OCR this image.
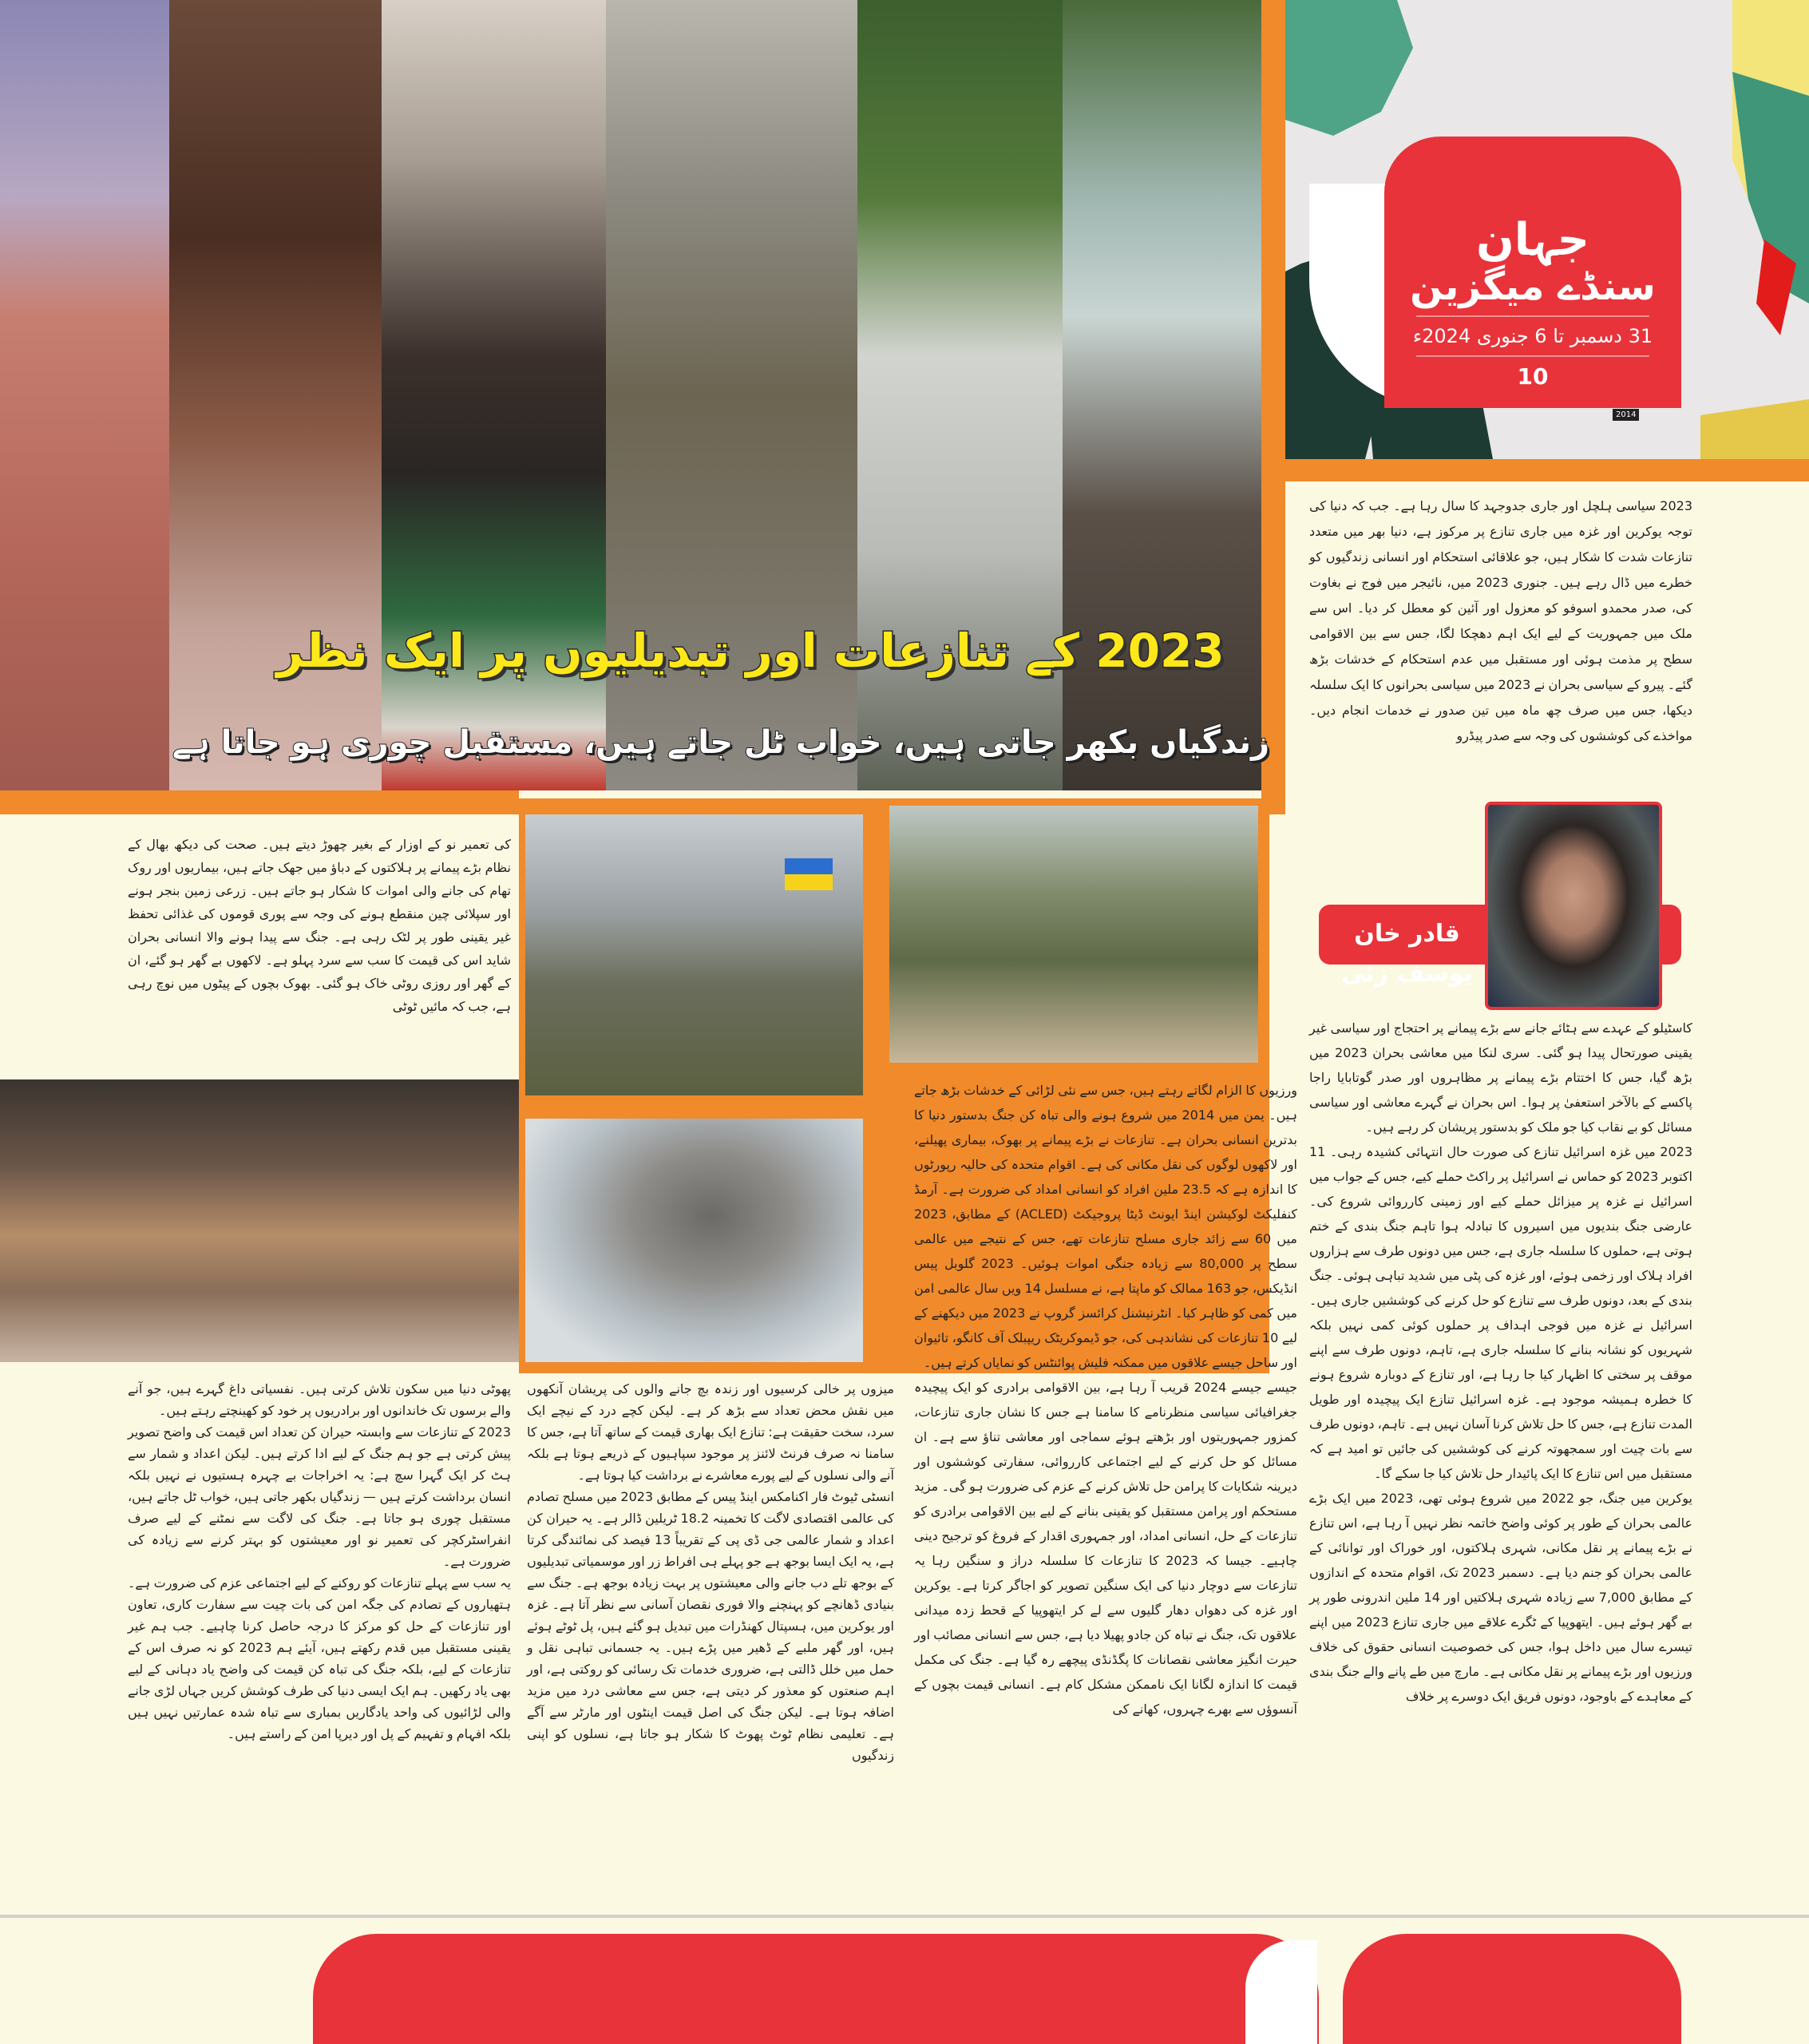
2023 کے تنازعات اور تبدیلیوں پر ایک نظر
زندگیاں بکھر جاتی ہیں، خواب ٹل جاتے ہیں، مستقبل چوری ہو جاتا ہے
2014
جہان
سنڈے میگزین
31 دسمبر تا 6 جنوری 2024ء
10
قادر خان یوسف زئی

2023 سیاسی ہلچل اور جاری جدوجہد کا سال رہا ہے۔ جب کہ دنیا کی توجہ یوکرین اور غزہ میں جاری تنازع پر مرکوز ہے، دنیا بھر میں متعدد تنازعات شدت کا شکار ہیں، جو علاقائی استحکام اور انسانی زندگیوں کو خطرے میں ڈال رہے ہیں۔ جنوری 2023 میں، نائیجر میں فوج نے بغاوت کی، صدر محمدو اسوفو کو معزول اور آئین کو معطل کر دیا۔ اس سے ملک میں جمہوریت کے لیے ایک اہم دھچکا لگا، جس سے بین الاقوامی سطح پر مذمت ہوئی اور مستقبل میں عدم استحکام کے خدشات بڑھ گئے۔ پیرو کے سیاسی بحران نے 2023 میں سیاسی بحرانوں کا ایک سلسلہ دیکھا، جس میں صرف چھ ماہ میں تین صدور نے خدمات انجام دیں۔ مواخذے کی کوششوں کی وجہ سے صدر پیڈرو

کاسٹیلو کے عہدے سے ہٹائے جانے سے بڑے پیمانے پر احتجاج اور سیاسی غیر یقینی صورتحال پیدا ہو گئی۔ سری لنکا میں معاشی بحران 2023 میں بڑھ گیا، جس کا اختتام بڑے پیمانے پر مظاہروں اور صدر گوتابایا راجا پاکسے کے بالآخر استعفیٰ پر ہوا۔ اس بحران نے گہرے معاشی اور سیاسی مسائل کو بے نقاب کیا جو ملک کو بدستور پریشان کر رہے ہیں۔

2023 میں غزہ اسرائیل تنازع کی صورت حال انتہائی کشیدہ رہی۔ 11 اکتوبر 2023 کو حماس نے اسرائیل پر راکٹ حملے کیے، جس کے جواب میں اسرائیل نے غزہ پر میزائل حملے کیے اور زمینی کارروائی شروع کی۔ عارضی جنگ بندیوں میں اسیروں کا تبادلہ ہوا تاہم جنگ بندی کے ختم ہوتی ہے، حملوں کا سلسلہ جاری ہے، جس میں دونوں طرف سے ہزاروں افراد ہلاک اور زخمی ہوئے، اور غزہ کی پٹی میں شدید تباہی ہوئی۔ جنگ بندی کے بعد، دونوں طرف سے تنازع کو حل کرنے کی کوششیں جاری ہیں۔ اسرائیل نے غزہ میں فوجی اہداف پر حملوں کوئی کمی نہیں بلکہ شہریوں کو نشانہ بنانے کا سلسلہ جاری ہے، تاہم، دونوں طرف سے اپنے موقف پر سختی کا اظہار کیا جا رہا ہے، اور تنازع کے دوبارہ شروع ہونے کا خطرہ ہمیشہ موجود ہے۔ غزہ اسرائیل تنازع ایک پیچیدہ اور طویل المدت تنازع ہے، جس کا حل تلاش کرنا آسان نہیں ہے۔ تاہم، دونوں طرف سے بات چیت اور سمجھوتہ کرنے کی کوششیں کی جائیں تو امید ہے کہ مستقبل میں اس تنازع کا ایک پائیدار حل تلاش کیا جا سکے گا۔

یوکرین میں جنگ، جو 2022 میں شروع ہوئی تھی، 2023 میں ایک بڑے عالمی بحران کے طور پر کوئی واضح خاتمہ نظر نہیں آ رہا ہے، اس تنازع نے بڑے پیمانے پر نقل مکانی، شہری ہلاکتوں، اور خوراک اور توانائی کے عالمی بحران کو جنم دیا ہے۔ دسمبر 2023 تک، اقوام متحدہ کے اندازوں کے مطابق 7,000 سے زیادہ شہری ہلاکتیں اور 14 ملین اندرونی طور پر بے گھر ہوئے ہیں۔ ایتھوپیا کے ٹگرے علاقے میں جاری تنازع 2023 میں اپنے تیسرے سال میں داخل ہوا، جس کی خصوصیت انسانی حقوق کی خلاف ورزیوں اور بڑے پیمانے پر نقل مکانی ہے۔ مارچ میں طے پانے والے جنگ بندی کے معاہدے کے باوجود، دونوں فریق ایک دوسرے پر خلاف

ورزیوں کا الزام لگاتے رہتے ہیں، جس سے نئی لڑائی کے خدشات بڑھ جاتے ہیں۔ یمن میں 2014 میں شروع ہونے والی تباہ کن جنگ بدستور دنیا کا بدترین انسانی بحران ہے۔ تنازعات نے بڑے پیمانے پر بھوک، بیماری پھیلنے، اور لاکھوں لوگوں کی نقل مکانی کی ہے۔ اقوام متحدہ کی حالیہ رپورٹوں کا اندازہ ہے کہ 23.5 ملین افراد کو انسانی امداد کی ضرورت ہے۔ آرمڈ کنفلیکٹ لوکیشن اینڈ ایونٹ ڈیٹا پروجیکٹ (ACLED) کے مطابق، 2023 میں 60 سے زائد جاری مسلح تنازعات تھے، جس کے نتیجے میں عالمی سطح پر 80,000 سے زیادہ جنگی اموات ہوئیں۔ 2023 گلوبل پیس انڈیکس، جو 163 ممالک کو ماپتا ہے، نے مسلسل 14 ویں سال عالمی امن میں کمی کو ظاہر کیا۔ انٹرنیشنل کرائسز گروپ نے 2023 میں دیکھنے کے لیے 10 تنازعات کی نشاندہی کی، جو ڈیموکریٹک ریپبلک آف کانگو، تائیوان اور ساحل جیسے علاقوں میں ممکنہ فلیش پوائنٹس کو نمایاں کرتے ہیں۔

جیسے جیسے 2024 قریب آ رہا ہے، بین الاقوامی برادری کو ایک پیچیدہ جغرافیائی سیاسی منظرنامے کا سامنا ہے جس کا نشان جاری تنازعات، کمزور جمہوریتوں اور بڑھتے ہوئے سماجی اور معاشی تناؤ سے ہے۔ ان مسائل کو حل کرنے کے لیے اجتماعی کارروائی، سفارتی کوششوں اور دیرینہ شکایات کا پرامن حل تلاش کرنے کے عزم کی ضرورت ہو گی۔ مزید مستحکم اور پرامن مستقبل کو یقینی بنانے کے لیے بین الاقوامی برادری کو تنازعات کے حل، انسانی امداد، اور جمہوری اقدار کے فروغ کو ترجیح دینی چاہیے۔ جیسا کہ 2023 کا تنازعات کا سلسلہ دراز و سنگین رہا یہ تنازعات سے دوچار دنیا کی ایک سنگین تصویر کو اجاگر کرتا ہے۔ یوکرین اور غزہ کی دھواں دھار گلیوں سے لے کر ایتھوپیا کے قحط زدہ میدانی علاقوں تک، جنگ نے تباہ کن جادو پھیلا دیا ہے، جس سے انسانی مصائب اور حیرت انگیز معاشی نقصانات کا پگڈنڈی پیچھے رہ گیا ہے۔ جنگ کی مکمل قیمت کا اندازہ لگانا ایک ناممکن مشکل کام ہے۔ انسانی قیمت بچوں کے آنسوؤں سے بھرے چہروں، کھانے کی

میزوں پر خالی کرسیوں اور زندہ بچ جانے والوں کی پریشان آنکھوں میں نقش محض تعداد سے بڑھ کر ہے۔ لیکن کچے درد کے نیچے ایک سرد، سخت حقیقت ہے: تنازع ایک بھاری قیمت کے ساتھ آتا ہے، جس کا سامنا نہ صرف فرنٹ لائنز پر موجود سپاہیوں کے ذریعے ہوتا ہے بلکہ آنے والی نسلوں کے لیے پورے معاشرے نے برداشت کیا ہوتا ہے۔

انسٹی ٹیوٹ فار اکنامکس اینڈ پیس کے مطابق 2023 میں مسلح تصادم کی عالمی اقتصادی لاگت کا تخمینہ 18.2 ٹریلین ڈالر ہے۔ یہ حیران کن اعداد و شمار عالمی جی ڈی پی کے تقریباً 13 فیصد کی نمائندگی کرتا ہے، یہ ایک ایسا بوجھ ہے جو پہلے ہی افراط زر اور موسمیاتی تبدیلیوں کے بوجھ تلے دب جانے والی معیشتوں پر بہت زیادہ بوجھ ہے۔ جنگ سے بنیادی ڈھانچے کو پہنچنے والا فوری نقصان آسانی سے نظر آتا ہے۔ غزہ اور یوکرین میں، ہسپتال کھنڈرات میں تبدیل ہو گئے ہیں، پل ٹوٹے ہوئے ہیں، اور گھر ملبے کے ڈھیر میں پڑے ہیں۔ یہ جسمانی تباہی نقل و حمل میں خلل ڈالتی ہے، ضروری خدمات تک رسائی کو روکتی ہے، اور اہم صنعتوں کو معذور کر دیتی ہے، جس سے معاشی درد میں مزید اضافہ ہوتا ہے۔ لیکن جنگ کی اصل قیمت اینٹوں اور مارٹر سے آگے ہے۔ تعلیمی نظام ٹوٹ پھوٹ کا شکار ہو جاتا ہے، نسلوں کو اپنی زندگیوں

کی تعمیر نو کے اوزار کے بغیر چھوڑ دیتے ہیں۔ صحت کی دیکھ بھال کے نظام بڑے پیمانے پر ہلاکتوں کے دباؤ میں جھک جاتے ہیں، بیماریوں اور روک تھام کی جانے والی اموات کا شکار ہو جاتے ہیں۔ زرعی زمین بنجر ہونے اور سپلائی چین منقطع ہونے کی وجہ سے پوری قوموں کی غذائی تحفظ غیر یقینی طور پر لٹک رہی ہے۔ جنگ سے پیدا ہونے والا انسانی بحران شاید اس کی قیمت کا سب سے سرد پہلو ہے۔ لاکھوں بے گھر ہو گئے، ان کے گھر اور روزی روٹی خاک ہو گئی۔ بھوک بچوں کے پیٹوں میں نوچ رہی ہے، جب کہ مائیں ٹوٹی

پھوٹی دنیا میں سکون تلاش کرتی ہیں۔ نفسیاتی داغ گہرے ہیں، جو آنے والے برسوں تک خاندانوں اور برادریوں پر خود کو کھینچتے رہتے ہیں۔

2023 کے تنازعات سے وابستہ حیران کن تعداد اس قیمت کی واضح تصویر پیش کرتی ہے جو ہم جنگ کے لیے ادا کرتے ہیں۔ لیکن اعداد و شمار سے ہٹ کر ایک گہرا سچ ہے: یہ اخراجات بے چہرہ ہستیوں نے نہیں بلکہ انسان برداشت کرتے ہیں — زندگیاں بکھر جاتی ہیں، خواب ٹل جاتے ہیں، مستقبل چوری ہو جاتا ہے۔ جنگ کی لاگت سے نمٹنے کے لیے صرف انفراسٹرکچر کی تعمیر نو اور معیشتوں کو بہتر کرنے سے زیادہ کی ضرورت ہے۔

یہ سب سے پہلے تنازعات کو روکنے کے لیے اجتماعی عزم کی ضرورت ہے۔ ہتھیاروں کے تصادم کی جگہ امن کی بات چیت سے سفارت کاری، تعاون اور تنازعات کے حل کو مرکز کا درجہ حاصل کرنا چاہیے۔ جب ہم غیر یقینی مستقبل میں قدم رکھتے ہیں، آیئے ہم 2023 کو نہ صرف اس کے تنازعات کے لیے، بلکہ جنگ کی تباہ کن قیمت کی واضح یاد دہانی کے لیے بھی یاد رکھیں۔ ہم ایک ایسی دنیا کی طرف کوشش کریں جہاں لڑی جانے والی لڑائیوں کی واحد یادگاریں بمباری سے تباہ شدہ عمارتیں نہیں ہیں بلکہ افہام و تفہیم کے پل اور دیرپا امن کے راستے ہیں۔
